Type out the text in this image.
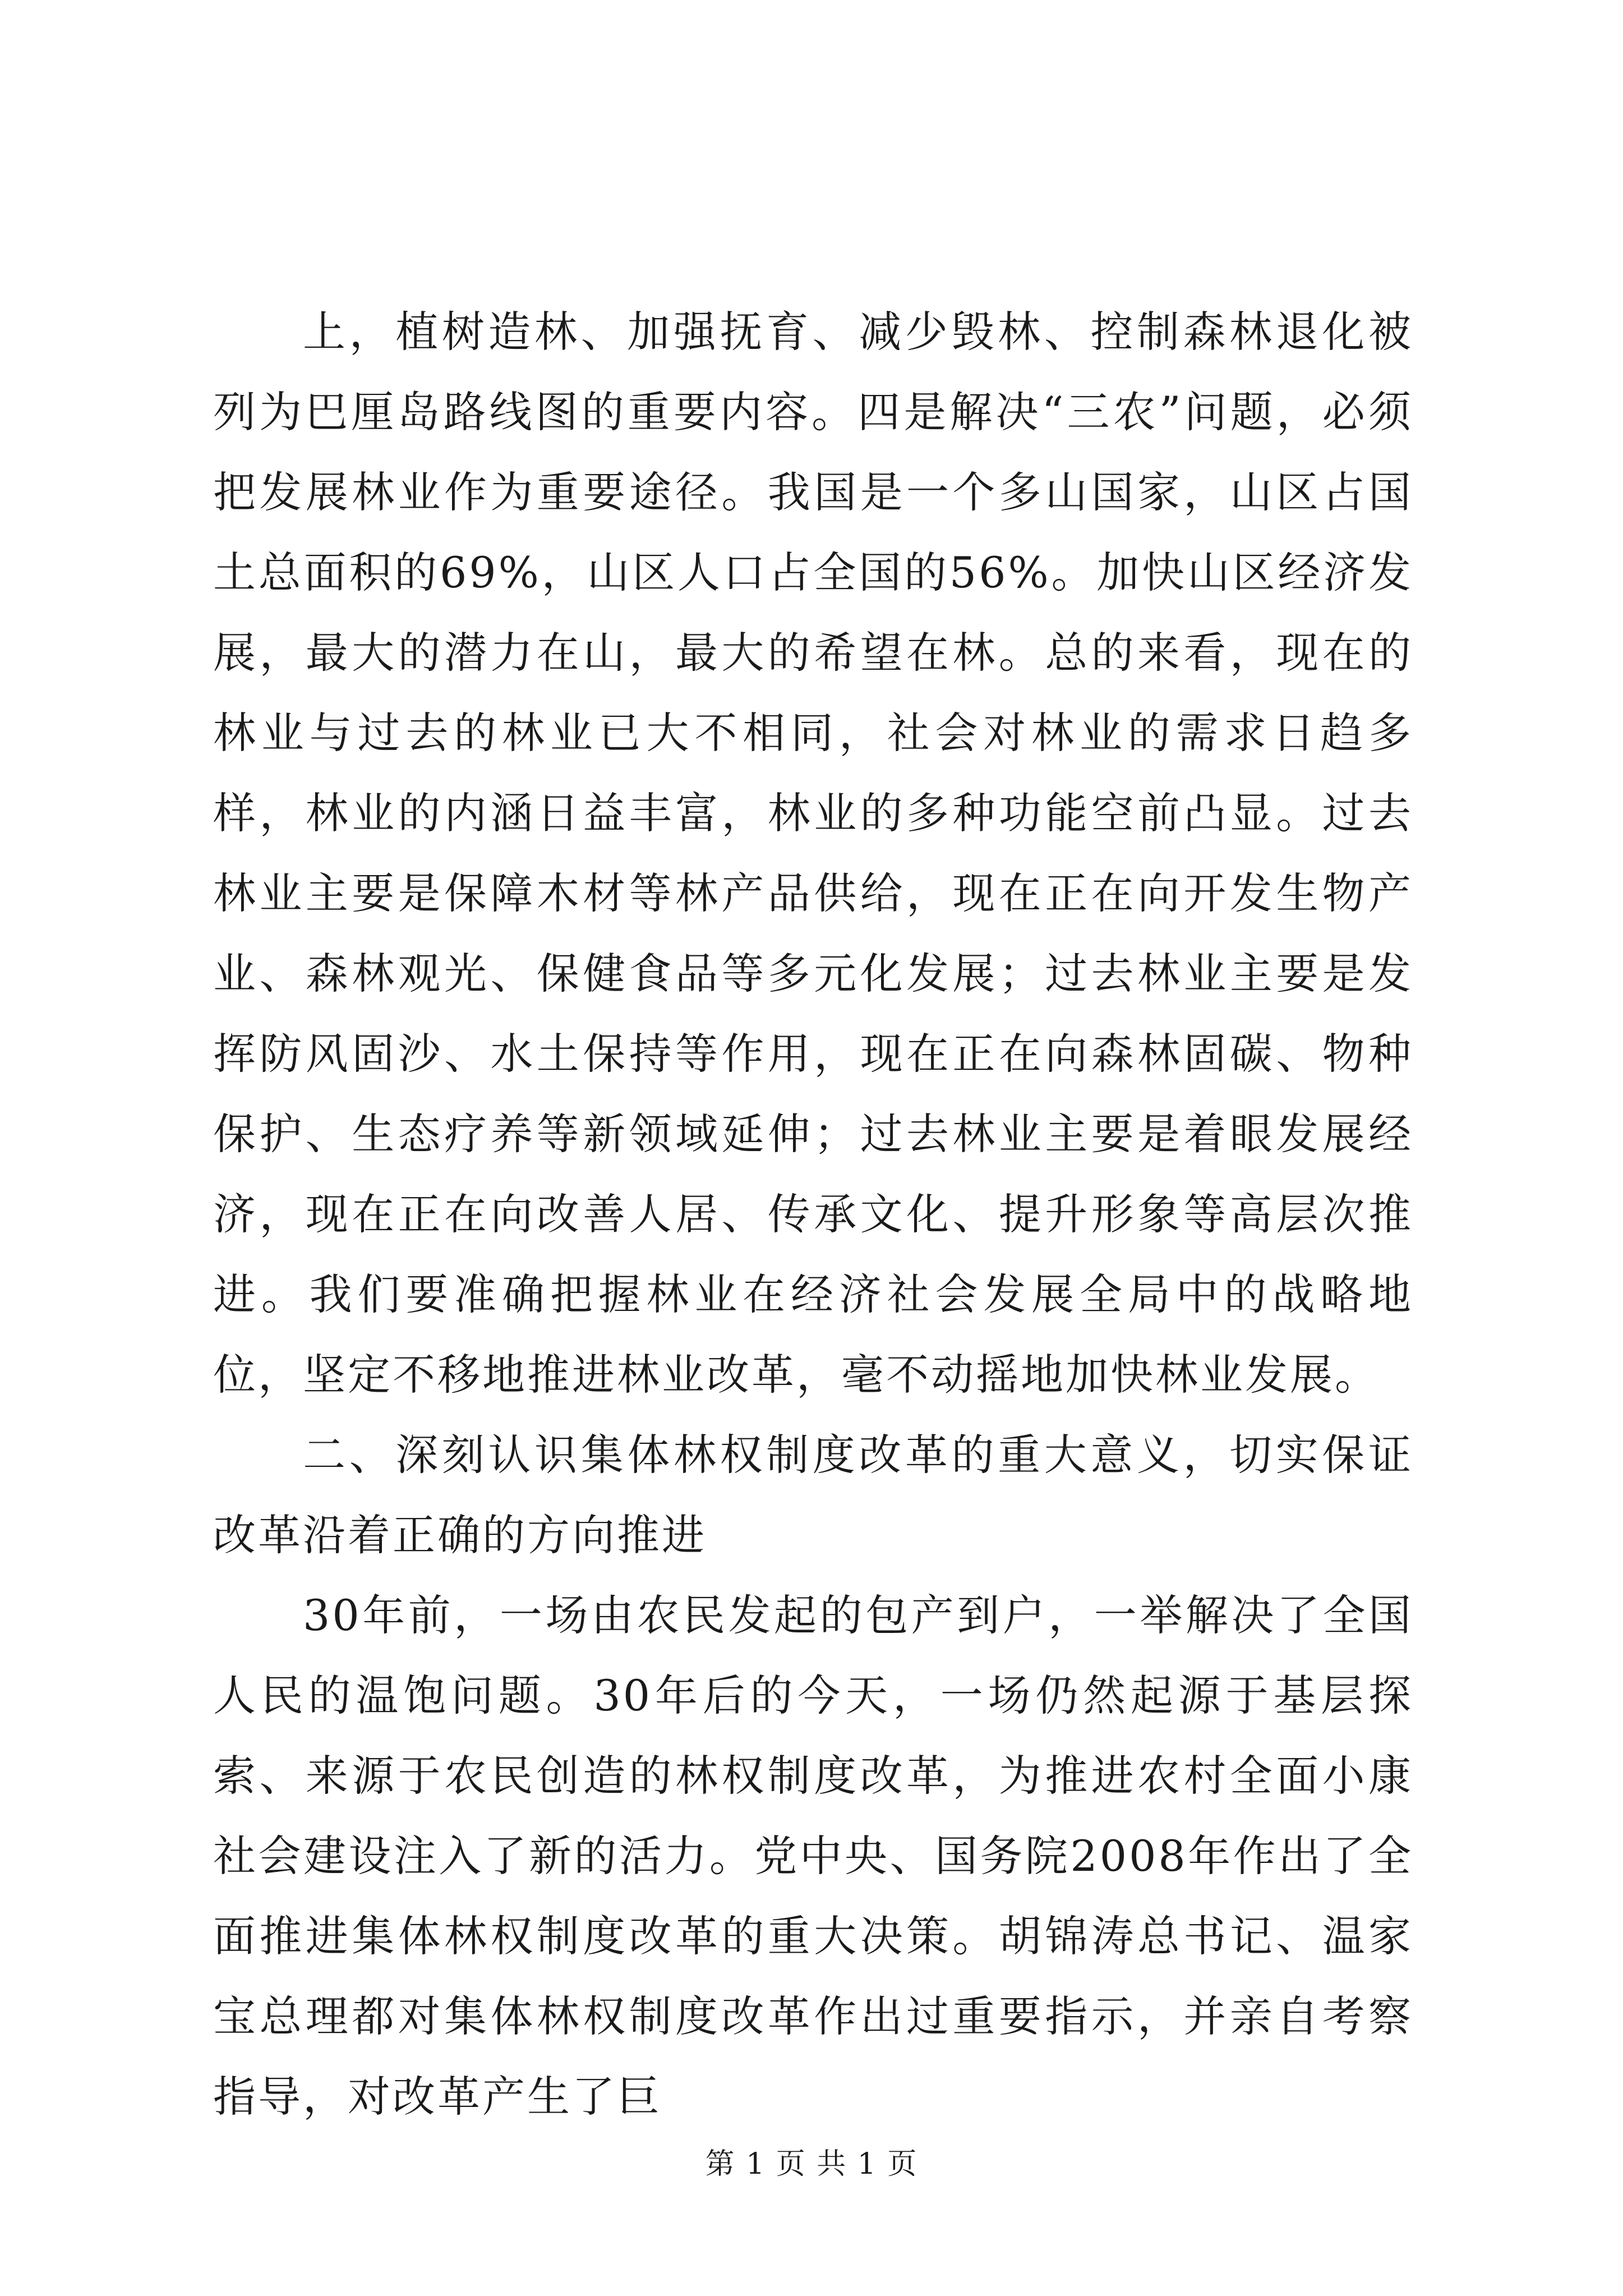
上，植树造林、加强抚育、减少毁林、控制森林退化被列为巴厘岛路线图的重要内容。四是解决“三农”问题，必须把发展林业作为重要途径。我国是一个多山国家，山区占国土总面积的69%，山区人口占全国的56%。加快山区经济发展，最大的潜力在山，最大的希望在林。总的来看，现在的林业与过去的林业已大不相同，社会对林业的需求日趋多样，林业的内涵日益丰富，林业的多种功能空前凸显。过去林业主要是保障木材等林产品供给，现在正在向开发生物产业、森林观光、保健食品等多元化发展；过去林业主要是发挥防风固沙、水土保持等作用，现在正在向森林固碳、物种保护、生态疗养等新领域延伸；过去林业主要是着眼发展经济，现在正在向改善人居、传承文化、提升形象等高层次推进。我们要准确把握林业在经济社会发展全局中的战略地位，坚定不移地推进林业改革，毫不动摇地加快林业发展。

二、深刻认识集体林权制度改革的重大意义，切实保证改革沿着正确的方向推进

30年前，一场由农民发起的包产到户，一举解决了全国人民的温饱问题。30年后的今天，一场仍然起源于基层探索、来源于农民创造的林权制度改革，为推进农村全面小康社会建设注入了新的活力。党中央、国务院2008年作出了全面推进集体林权制度改革的重大决策。胡锦涛总书记、温家宝总理都对集体林权制度改革作出过重要指示，并亲自考察指导，对改革产生了巨

第 1 页 共 1 页
